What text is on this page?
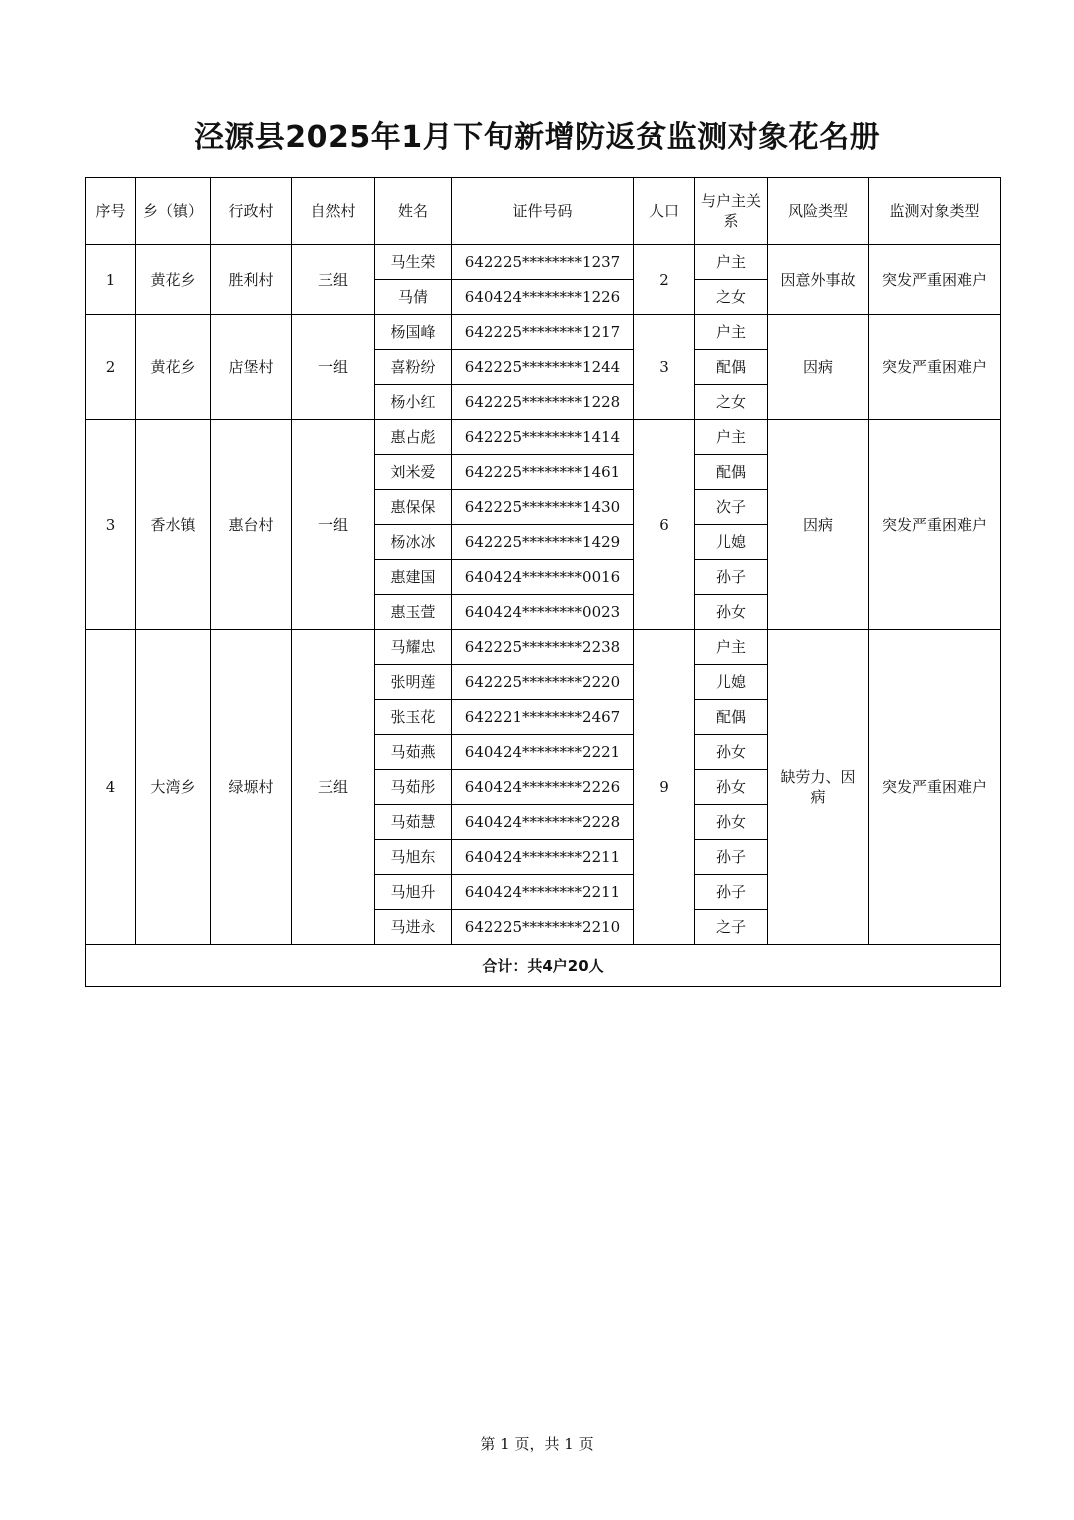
泾源县2025年1月下旬新增防返贫监测对象花名册
序号	乡（镇）	行政村	自然村	姓名	证件号码	人口	与户主关系	风险类型	监测对象类型
1	黄花乡	胜利村	三组	马生荣	642225********1237	2	户主	因意外事故	突发严重困难户
				马倩	640424********1226		之女		
2	黄花乡	店堡村	一组	杨国峰	642225********1217	3	户主	因病	突发严重困难户
				喜粉纷	642225********1244		配偶		
				杨小红	642225********1228		之女		
3	香水镇	惠台村	一组	惠占彪	642225********1414	6	户主	因病	突发严重困难户
				刘米爱	642225********1461		配偶		
				惠保保	642225********1430		次子		
				杨冰冰	642225********1429		儿媳		
				惠建国	640424********0016		孙子		
				惠玉萱	640424********0023		孙女		
4	大湾乡	绿塬村	三组	马耀忠	642225********2238	9	户主	缺劳力、因病	突发严重困难户
				张明莲	642225********2220		儿媳		
				张玉花	642221********2467		配偶		
				马茹燕	640424********2221		孙女		
				马茹彤	640424********2226		孙女		
				马茹慧	640424********2228		孙女		
				马旭东	640424********2211		孙子		
				马旭升	640424********2211		孙子		
				马进永	642225********2210		之子		
合计：共4户20人									
第 1 页，共 1 页
